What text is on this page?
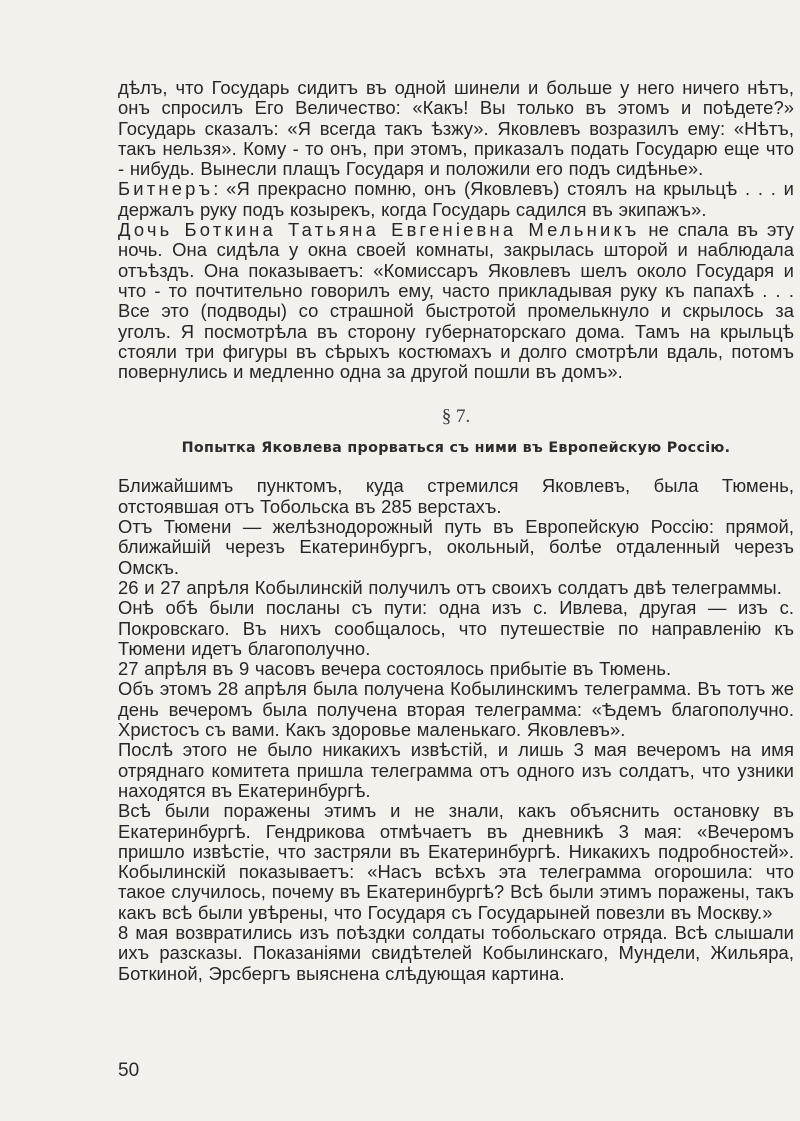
дѣлъ, что Государь сидитъ въ одной шинели и больше у него ничего нѣтъ, онъ спросилъ Его Величество: «Какъ! Вы только въ этомъ и поѣдете?» Государь сказалъ: «Я всегда такъ ѣзжу». Яковлевъ возразилъ ему: «Нѣтъ, такъ нельзя». Кому - то онъ, при этомъ, приказалъ подать Государю еще что - нибудь. Вынесли плащъ Государя и положили его подъ сидѣнье».

Битнеръ: «Я прекрасно помню, онъ (Яковлевъ) стоялъ на крыльцѣ . . . и держалъ руку подъ козырекъ, когда Государь садился въ экипажъ».

Дочь Боткина Татьяна Евгеніевна Мельникъ не спала въ эту ночь. Она сидѣла у окна своей комнаты, закрылась шторой и наблюдала отъѣздъ. Она показываетъ: «Комиссаръ Яковлевъ шелъ около Государя и что - то почтительно говорилъ ему, часто прикладывая руку къ папахѣ . . . Все это (подводы) со страшной быстротой промелькнуло и скрылось за уголъ. Я посмотрѣла въ сторону губернаторскаго дома. Тамъ на крыльцѣ стояли три фигуры въ сѣрыхъ костюмахъ и долго смотрѣли вдаль, потомъ повернулись и медленно одна за другой пошли въ домъ».

§ 7.
Попытка Яковлева прорваться съ ними въ Европейскую Россію.

Ближайшимъ пунктомъ, куда стремился Яковлевъ, была Тюмень, отстоявшая отъ Тобольска въ 285 верстахъ.

Отъ Тюмени — желѣзнодорожный путь въ Европейскую Россію: прямой, ближайшій черезъ Екатеринбургъ, окольный, болѣе отдаленный черезъ Омскъ.

26 и 27 апрѣля Кобылинскій получилъ отъ своихъ солдатъ двѣ телеграммы.

Онѣ обѣ были посланы съ пути: одна изъ с. Ивлева, другая — изъ с. Покровскаго. Въ нихъ сообщалось, что путешествіе по направленію къ Тюмени идетъ благополучно.

27 апрѣля въ 9 часовъ вечера состоялось прибытіе въ Тюмень.

Объ этомъ 28 апрѣля была получена Кобылинскимъ телеграмма. Въ тотъ же день вечеромъ была получена вторая телеграмма: «Ѣдемъ благополучно. Христосъ съ вами. Какъ здоровье маленькаго. Яковлевъ».

Послѣ этого не было никакихъ извѣстій, и лишь 3 мая вечеромъ на имя отряднаго комитета пришла телеграмма отъ одного изъ солдатъ, что узники находятся въ Екатеринбургѣ.

Всѣ были поражены этимъ и не знали, какъ объяснить остановку въ Екатеринбургѣ. Гендрикова отмѣчаетъ въ дневникѣ 3 мая: «Вечеромъ пришло извѣстіе, что застряли въ Екатеринбургѣ. Никакихъ подробностей». Кобылинскій показываетъ: «Насъ всѣхъ эта телеграмма огорошила: что такое случилось, почему въ Екатеринбургѣ? Всѣ были этимъ поражены, такъ какъ всѣ были увѣрены, что Государя съ Государыней повезли въ Москву.»

8 мая возвратились изъ поѣздки солдаты тобольскаго отряда. Всѣ слышали ихъ разсказы. Показаніями свидѣтелей Кобылинскаго, Мундели, Жильяра, Боткиной, Эрсбергъ выяснена слѣдующая картина.

50
